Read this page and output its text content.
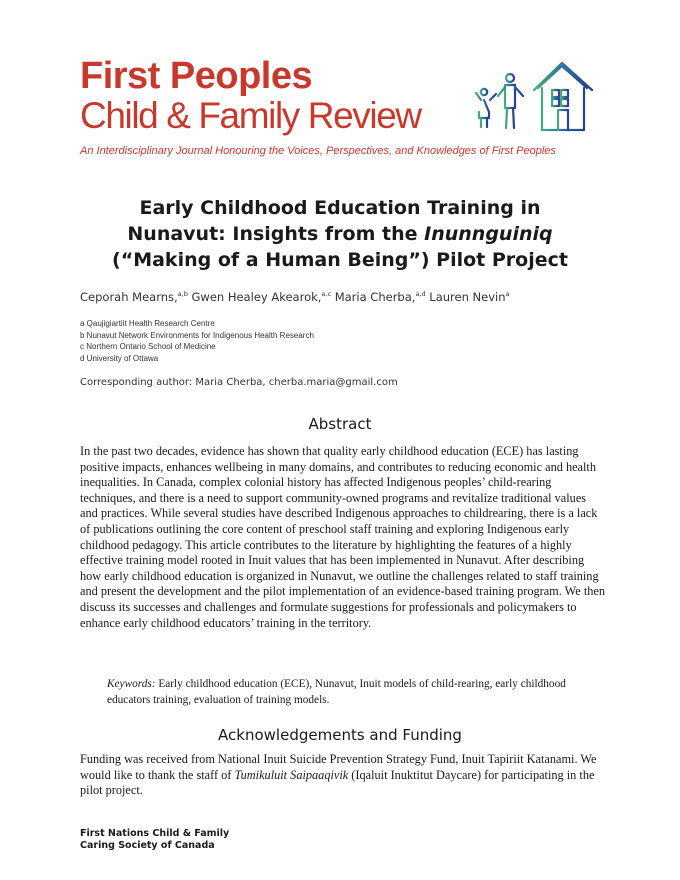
First Peoples
Child & Family Review
An Interdisciplinary Journal Honouring the Voices, Perspectives, and Knowledges of First Peoples
Early Childhood Education Training in
Nunavut: Insights from the Inunnguiniq
(“Making of a Human Being”) Pilot Project
Ceporah Mearns,$^{a,b}$ Gwen Healey Akearok,$^{a,c}$ Maria Cherba,$^{a,d}$ Lauren Nevin$^a$
a Qaujigiartiit Health Research Centre
b Nunavut Network Environments for Indigenous Health Research
c Northern Ontario School of Medicine
d University of Ottawa
Corresponding author: Maria Cherba, cherba.maria@gmail.com
Abstract

In the past two decades, evidence has shown that quality early childhood education (ECE) has lasting positive impacts, enhances wellbeing in many domains, and contributes to reducing economic and health inequalities. In Canada, complex colonial history has affected Indigenous peoples’ child-rearing techniques, and there is a need to support community-owned programs and revitalize traditional values and practices. While several studies have described Indigenous approaches to childrearing, there is a lack of publications outlining the core content of preschool staff training and exploring Indigenous early childhood pedagogy. This article contributes to the literature by highlighting the features of a highly effective training model rooted in Inuit values that has been implemented in Nunavut. After describing how early childhood education is organized in Nunavut, we outline the challenges related to staff training and present the development and the pilot implementation of an evidence-based training program. We then discuss its successes and challenges and formulate suggestions for professionals and policymakers to enhance early childhood educators’ training in the territory.

Keywords: Early childhood education (ECE), Nunavut, Inuit models of child-rearing, early childhood educators training, evaluation of training models.

Acknowledgements and Funding

Funding was received from National Inuit Suicide Prevention Strategy Fund, Inuit Tapiriit Katanami. We would like to thank the staff of Tumikuluit Saipaaqivik (Iqaluit Inuktitut Daycare) for participating in the pilot project.

First Nations Child & Family
Caring Society of Canada
